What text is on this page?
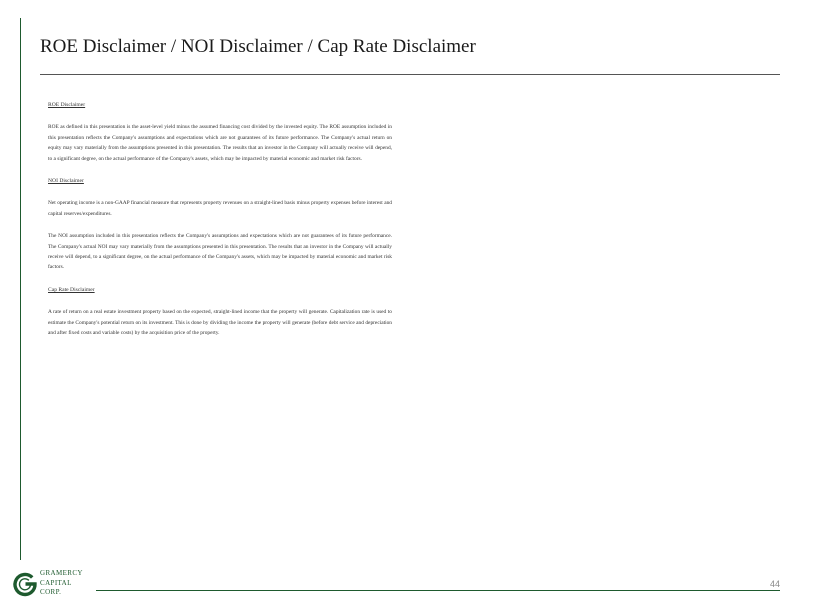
ROE Disclaimer / NOI Disclaimer / Cap Rate Disclaimer

ROE Disclaimer

ROE as defined in this presentation is the asset-level yield minus the assumed financing cost divided by the invested equity. The ROE assumption included in this presentation reflects the Company's assumptions and expectations which are not guarantees of its future performance. The Company's actual return on equity may vary materially from the assumptions presented in this presentation. The results that an investor in the Company will actually receive will depend, to a significant degree, on the actual performance of the Company's assets, which may be impacted by material economic and market risk factors.

NOI Disclaimer

Net operating income is a non-GAAP financial measure that represents property revenues on a straight-lined basis minus property expenses before interest and capital reserves/expenditures.

The NOI assumption included in this presentation reflects the Company's assumptions and expectations which are not guarantees of its future performance. The Company's actual NOI may vary materially from the assumptions presented in this presentation. The results that an investor in the Company will actually receive will depend, to a significant degree, on the actual performance of the Company's assets, which may be impacted by material economic and market risk factors.

Cap Rate Disclaimer

A rate of return on a real estate investment property based on the expected, straight-lined income that the property will generate. Capitalization rate is used to estimate the Company's potential return on its investment. This is done by dividing the income the property will generate (before debt service and depreciation and after fixed costs and variable costs) by the acquisition price of the property.

GRAMERCY
CAPITAL
CORP.
44
